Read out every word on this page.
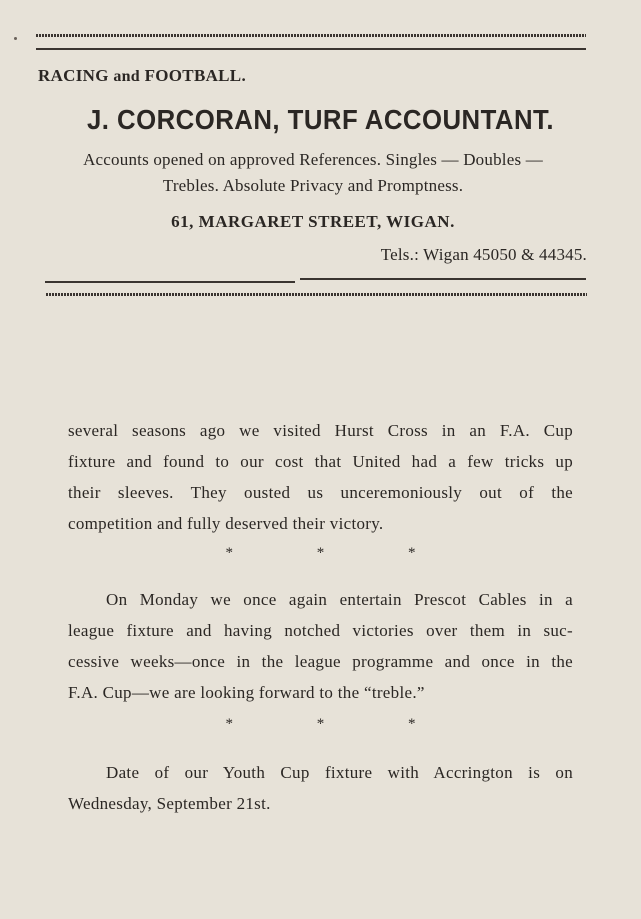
RACING and FOOTBALL.
J. CORCORAN, TURF ACCOUNTANT.
Accounts opened on approved References. Singles — Doubles —
Trebles. Absolute Privacy and Promptness.
61, MARGARET STREET, WIGAN.
Tels.: Wigan 45050 & 44345.
several seasons ago we visited Hurst Cross in an F.A. Cup
fixture and found to our cost that United had a few tricks up
their sleeves. They ousted us unceremoniously out of the
competition and fully deserved their victory.
* * *
On Monday we once again entertain Prescot Cables in a
league fixture and having notched victories over them in suc-
cessive weeks—once in the league programme and once in the
F.A. Cup—we are looking forward to the “treble.”
* * *
Date of our Youth Cup fixture with Accrington is on
Wednesday, September 21st.
